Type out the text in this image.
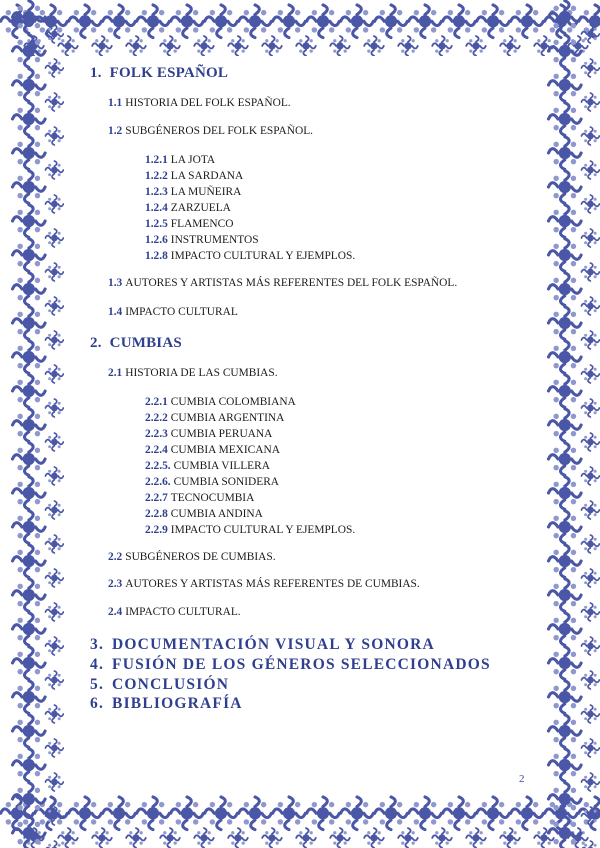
1. FOLK ESPAÑOL
1.1 HISTORIA DEL FOLK ESPAÑOL.
1.2 SUBGÉNEROS DEL FOLK ESPAÑOL.
1.2.1 LA JOTA
1.2.2 LA SARDANA
1.2.3 LA MUÑEIRA
1.2.4 ZARZUELA
1.2.5 FLAMENCO
1.2.6 INSTRUMENTOS
1.2.8 IMPACTO CULTURAL Y EJEMPLOS.
1.3 AUTORES Y ARTISTAS MÁS REFERENTES DEL FOLK ESPAÑOL.
1.4 IMPACTO CULTURAL
2. CUMBIAS
2.1 HISTORIA DE LAS CUMBIAS.
2.2.1 CUMBIA COLOMBIANA
2.2.2 CUMBIA ARGENTINA
2.2.3 CUMBIA PERUANA
2.2.4 CUMBIA MEXICANA
2.2.5. CUMBIA VILLERA
2.2.6. CUMBIA SONIDERA
2.2.7 TECNOCUMBIA
2.2.8 CUMBIA ANDINA
2.2.9 IMPACTO CULTURAL Y EJEMPLOS.
2.2 SUBGÉNEROS DE CUMBIAS.
2.3 AUTORES Y ARTISTAS MÁS REFERENTES DE CUMBIAS.
2.4 IMPACTO CULTURAL.
3. DOCUMENTACIÓN VISUAL Y SONORA
4. FUSIÓN DE LOS GÉNEROS SELECCIONADOS
5. CONCLUSIÓN
6. BIBLIOGRAFÍA
2
